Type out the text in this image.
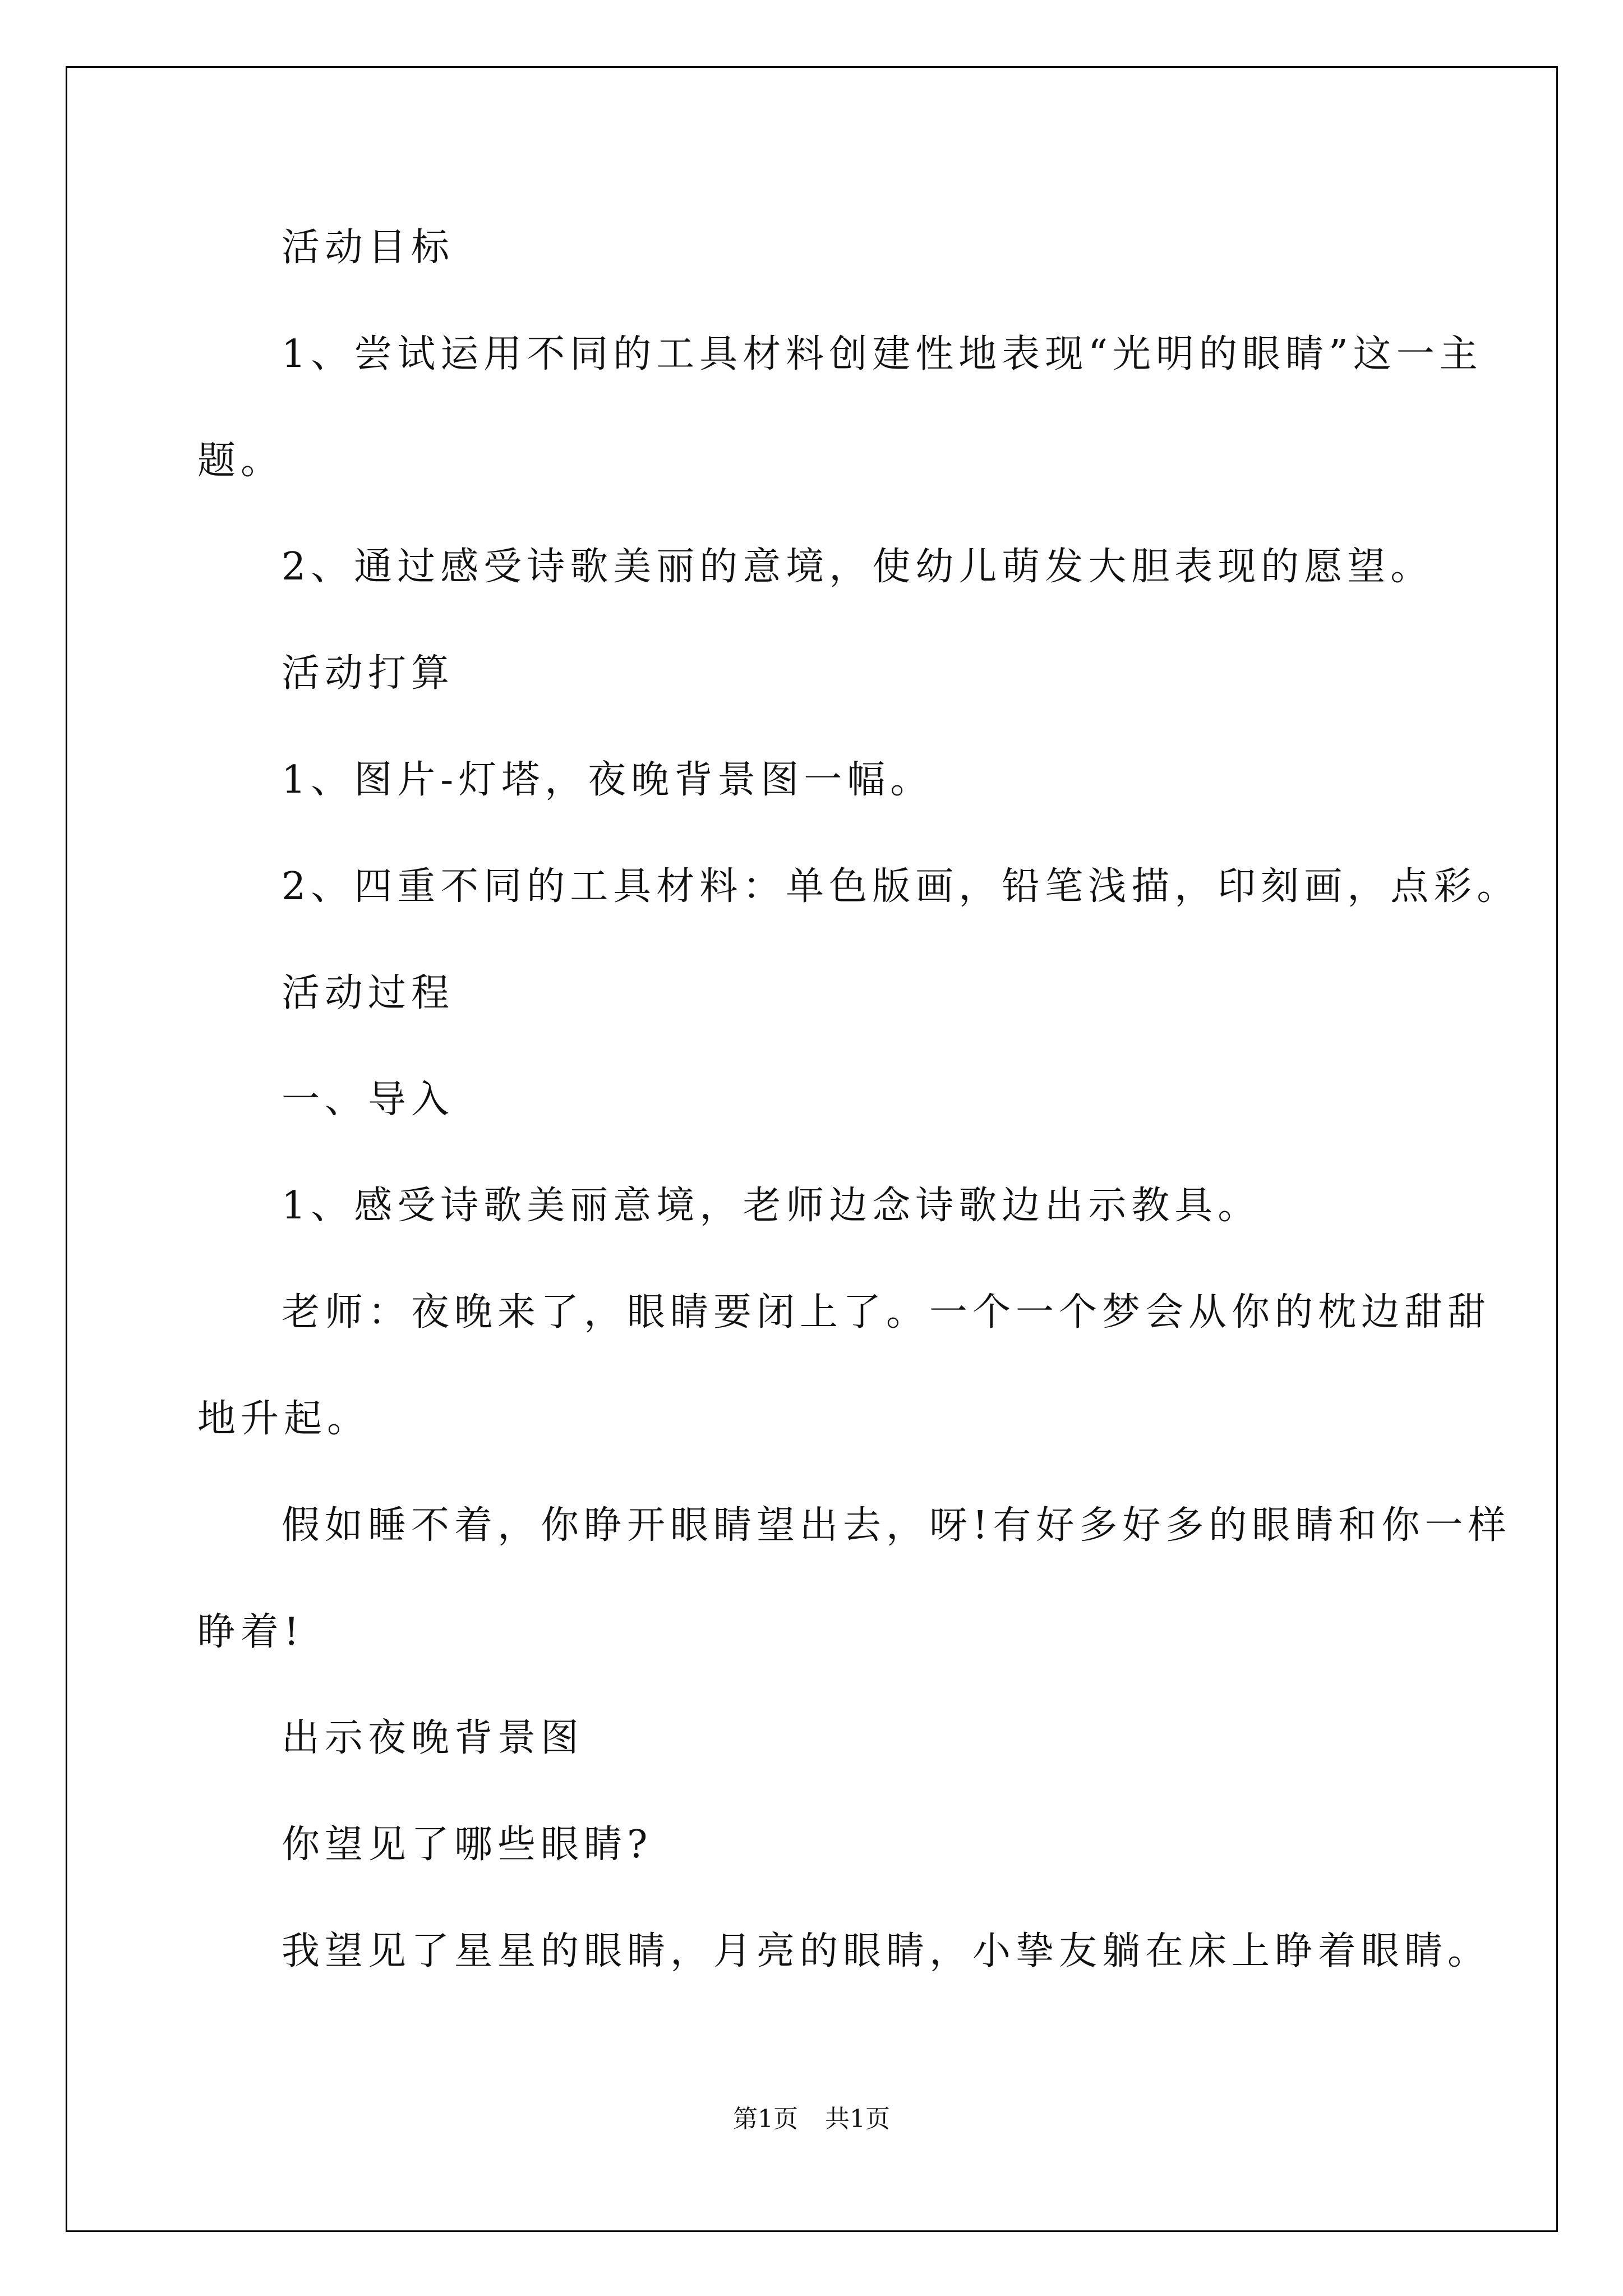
活动目标
1、尝试运用不同的工具材料创建性地表现“光明的眼睛”这一主
题。
2、通过感受诗歌美丽的意境，使幼儿萌发大胆表现的愿望。
活动打算
1、图片-灯塔，夜晚背景图一幅。
2、四重不同的工具材料：单色版画，铅笔浅描，印刻画，点彩。
活动过程
一、导入
1、感受诗歌美丽意境，老师边念诗歌边出示教具。
老师：夜晚来了，眼睛要闭上了。一个一个梦会从你的枕边甜甜
地升起。
假如睡不着，你睁开眼睛望出去，呀!有好多好多的眼睛和你一样
睁着!
出示夜晚背景图
你望见了哪些眼睛?
我望见了星星的眼睛，月亮的眼睛，小挚友躺在床上睁着眼睛。
第1页 共1页
